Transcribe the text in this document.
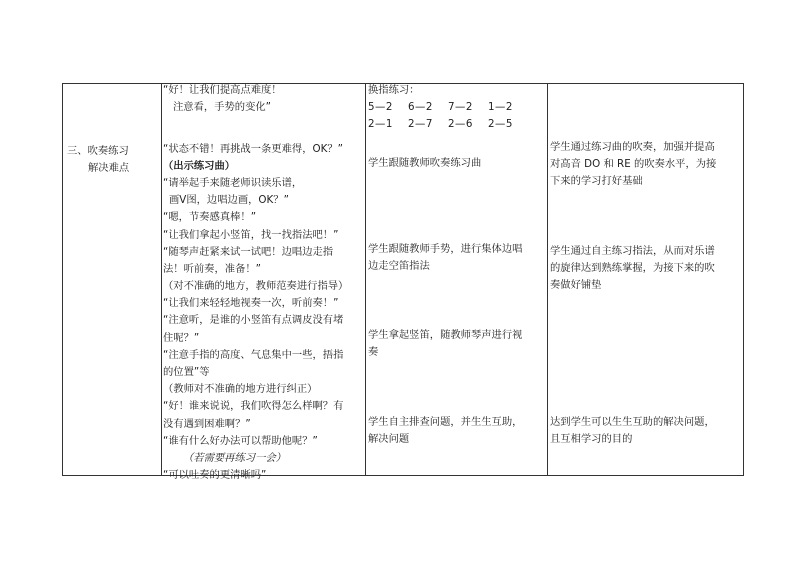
三、吹奏练习
解决难点
“好！让我们提高点难度！
注意看，手势的变化”
“状态不错！再挑战一条更难得，OK？”
（出示练习曲）
“请举起手来随老师识读乐谱，
画Ⅴ图，边唱边画，OK？”
“嗯，节奏感真棒！”
“让我们拿起小竖笛，找一找指法吧！”
“随琴声赶紧来试一试吧！边唱边走指
法！听前奏，准备！”
（对不准确的地方，教师范奏进行指导）
“让我们来轻轻地视奏一次，听前奏！”
“注意听，是谁的小竖笛有点调皮没有堵
住呢？”
“注意手指的高度、气息集中一些，捂指
的位置”等
（教师对不准确的地方进行纠正）
“好！谁来说说，我们吹得怎么样啊？有
没有遇到困难啊？”
“谁有什么好办法可以帮助他呢？”
（若需要再练习一会）
“可以吐奏的更清晰吗”
换指练习：
5—2    6—2    7—2    1—2
2—1    2—7    2—6    2—5
学生跟随教师吹奏练习曲
学生跟随教师手势，进行集体边唱
边走空笛指法
学生拿起竖笛，随教师琴声进行视
奏
学生自主排查问题，并生生互助，
解决问题
学生通过练习曲的吹奏，加强并提高
对高音 DO 和 RE 的吹奏水平，为接
下来的学习打好基础
学生通过自主练习指法，从而对乐谱
的旋律达到熟练掌握，为接下来的吹
奏做好铺垫
达到学生可以生生互助的解决问题，
且互相学习的目的
